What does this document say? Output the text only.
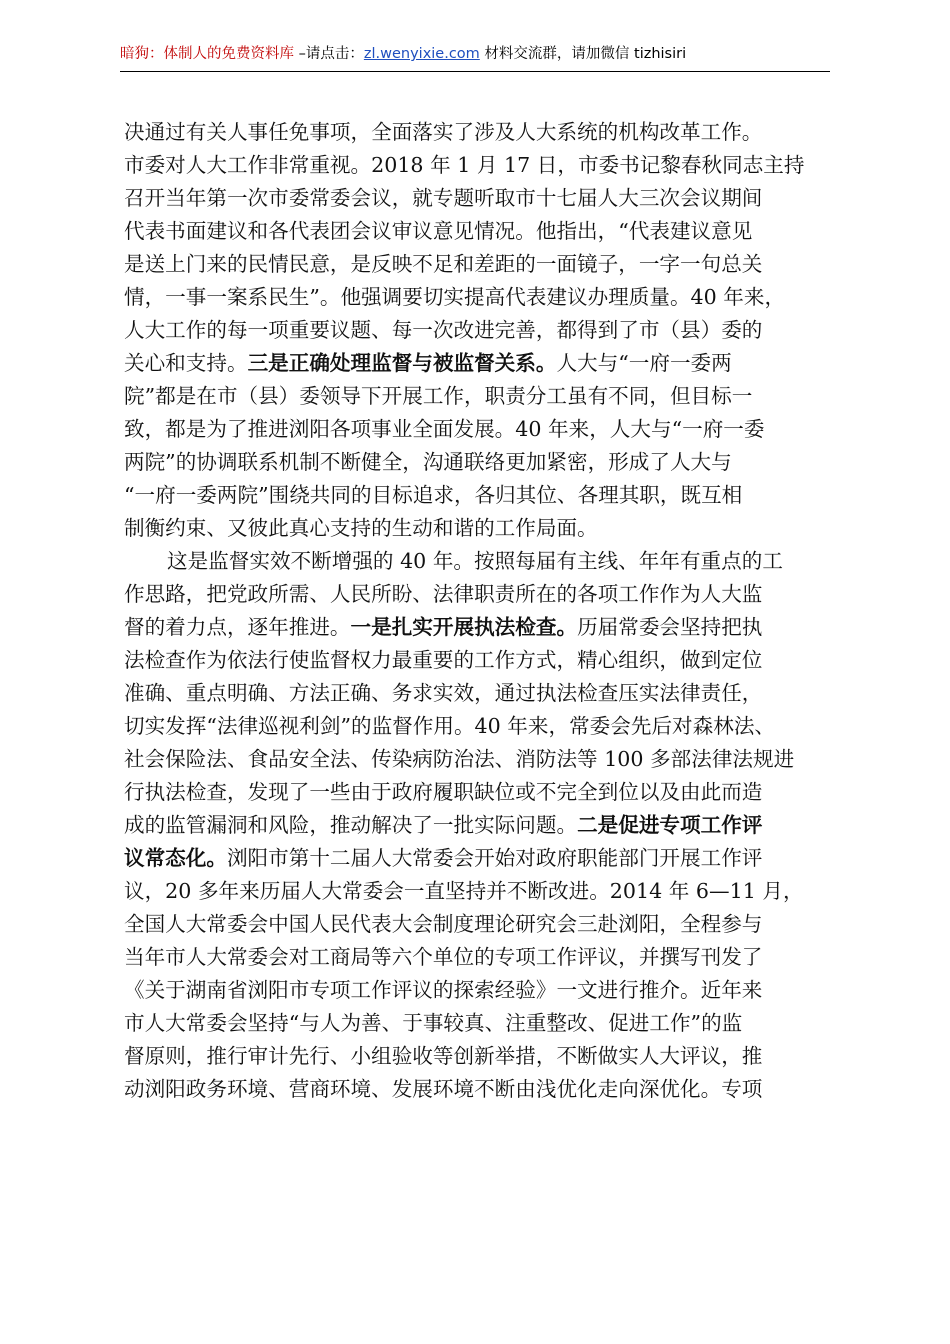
暗狗：体制人的免费资料库 –请点击：zl.wenyixie.com 材料交流群，请加微信 tizhisiri
决通过有关人事任免事项，全面落实了涉及人大系统的机构改革工作。
市委对人大工作非常重视。2018 年 1 月 17 日，市委书记黎春秋同志主持
召开当年第一次市委常委会议，就专题听取市十七届人大三次会议期间
代表书面建议和各代表团会议审议意见情况。他指出，“代表建议意见
是送上门来的民情民意，是反映不足和差距的一面镜子，一字一句总关
情，一事一案系民生”。他强调要切实提高代表建议办理质量。40 年来，
人大工作的每一项重要议题、每一次改进完善，都得到了市（县）委的
关心和支持。三是正确处理监督与被监督关系。人大与“一府一委两
院”都是在市（县）委领导下开展工作，职责分工虽有不同，但目标一
致，都是为了推进浏阳各项事业全面发展。40 年来，人大与“一府一委
两院”的协调联系机制不断健全，沟通联络更加紧密，形成了人大与
“一府一委两院”围绕共同的目标追求，各归其位、各理其职，既互相
制衡约束、又彼此真心支持的生动和谐的工作局面。
这是监督实效不断增强的 40 年。按照每届有主线、年年有重点的工
作思路，把党政所需、人民所盼、法律职责所在的各项工作作为人大监
督的着力点，逐年推进。一是扎实开展执法检查。历届常委会坚持把执
法检查作为依法行使监督权力最重要的工作方式，精心组织，做到定位
准确、重点明确、方法正确、务求实效，通过执法检查压实法律责任，
切实发挥“法律巡视利剑”的监督作用。40 年来，常委会先后对森林法、
社会保险法、食品安全法、传染病防治法、消防法等 100 多部法律法规进
行执法检查，发现了一些由于政府履职缺位或不完全到位以及由此而造
成的监管漏洞和风险，推动解决了一批实际问题。二是促进专项工作评
议常态化。浏阳市第十二届人大常委会开始对政府职能部门开展工作评
议，20 多年来历届人大常委会一直坚持并不断改进。2014 年 6—11 月，
全国人大常委会中国人民代表大会制度理论研究会三赴浏阳，全程参与
当年市人大常委会对工商局等六个单位的专项工作评议，并撰写刊发了
《关于湖南省浏阳市专项工作评议的探索经验》一文进行推介。近年来
市人大常委会坚持“与人为善、于事较真、注重整改、促进工作”的监
督原则，推行审计先行、小组验收等创新举措，不断做实人大评议，推
动浏阳政务环境、营商环境、发展环境不断由浅优化走向深优化。专项
